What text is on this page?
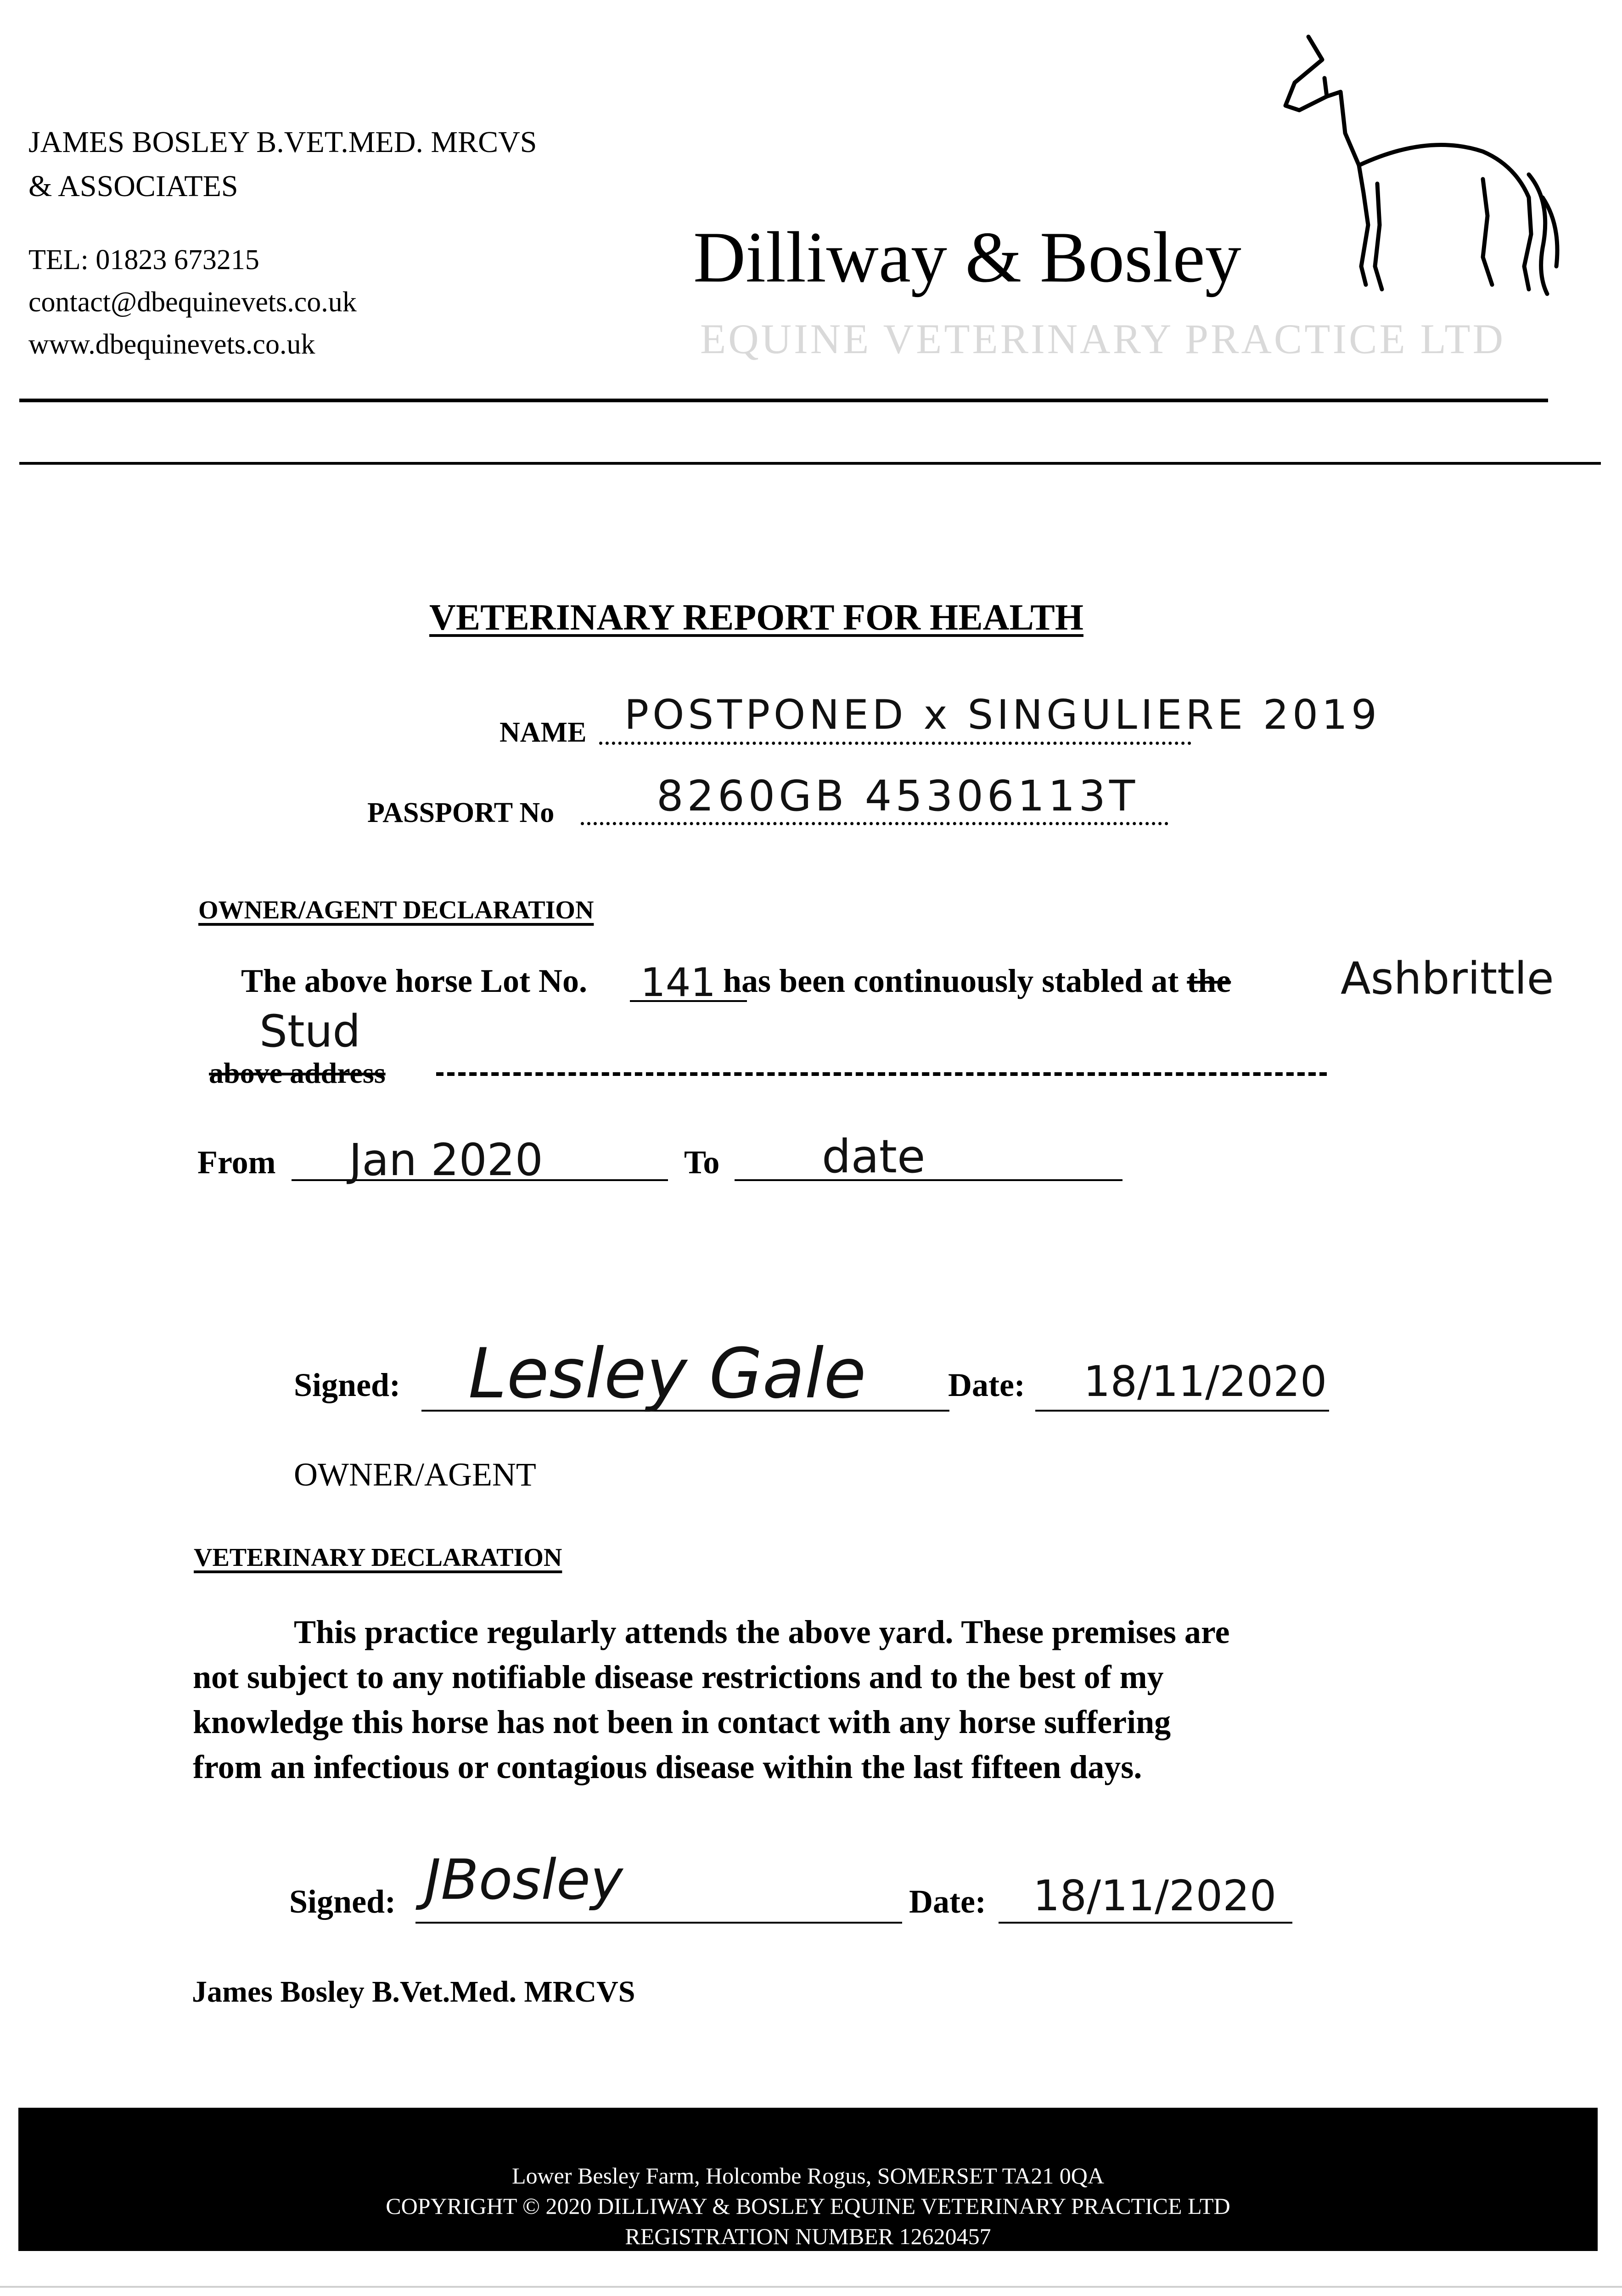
JAMES BOSLEY B.VET.MED. MRCVS
& ASSOCIATES
TEL: 01823 673215
contact@dbequinevets.co.uk
www.dbequinevets.co.uk
Dilliway & Bosley
EQUINE VETERINARY PRACTICE LTD
VETERINARY REPORT FOR HEALTH
NAME POSTPONED x SINGULIERE 2019
PASSPORT No 8260GB 45306113T
OWNER/AGENT DECLARATION
The above horse Lot No.	has been continuously stabled at the
141	Ashbrittle
Stud
above address
From Jan 2020	To date
Signed: Lesley Gale Date: 18/11/2020
OWNER/AGENT
VETERINARY DECLARATION
This practice regularly attends the above yard. These premises are
not subject to any notifiable disease restrictions and to the best of my
knowledge this horse has not been in contact with any horse suffering
from an infectious or contagious disease within the last fifteen days.
Signed: JBosley	Date: 18/11/2020
James Bosley B.Vet.Med. MRCVS
Lower Besley Farm, Holcombe Rogus, SOMERSET TA21 0QA
COPYRIGHT © 2020 DILLIWAY & BOSLEY EQUINE VETERINARY PRACTICE LTD
REGISTRATION NUMBER 12620457
